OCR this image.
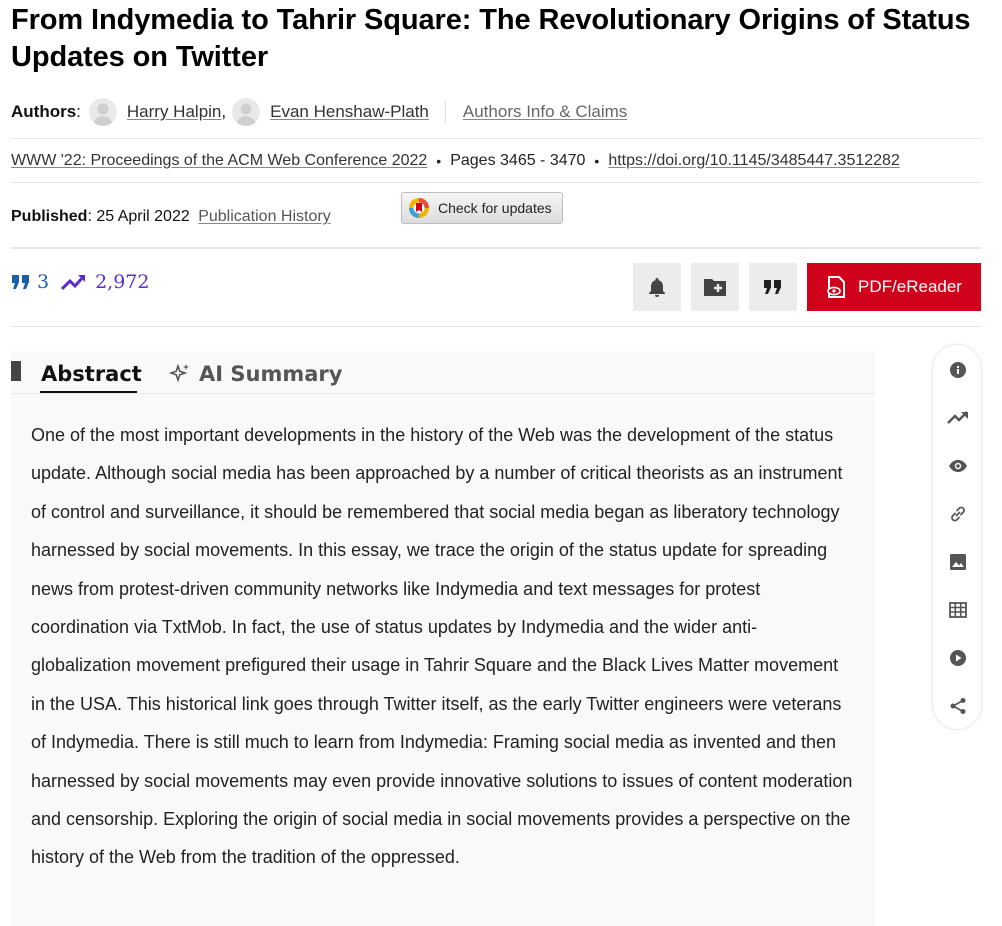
From Indymedia to Tahrir Square: The Revolutionary Origins of Status Updates on Twitter
Authors :	Harry Halpin ,	Evan Henshaw-Plath Authors Info & Claims
WWW '22: Proceedings of the ACM Web Conference 2022 • Pages 3465 - 3470 • https://doi.org/10.1145/3485447.3512282
Published: 25 April 2022 Publication History	Check for updates
3 2,972	PDF/eReader
Abstract	AI Summary

One of the most important developments in the history of the Web was the development of the status update. Although social media has been approached by a number of critical theorists as an instrument of control and surveillance, it should be remembered that social media began as liberatory technology harnessed by social movements. In this essay, we trace the origin of the status update for spreading news from protest-driven community networks like Indymedia and text messages for protest coordination via TxtMob. In fact, the use of status updates by Indymedia and the wider anti-globalization movement prefigured their usage in Tahrir Square and the Black Lives Matter movement in the USA. This historical link goes through Twitter itself, as the early Twitter engineers were veterans of Indymedia. There is still much to learn from Indymedia: Framing social media as invented and then harnessed by social movements may even provide innovative solutions to issues of content moderation and censorship. Exploring the origin of social media in social movements provides a perspective on the history of the Web from the tradition of the oppressed.
